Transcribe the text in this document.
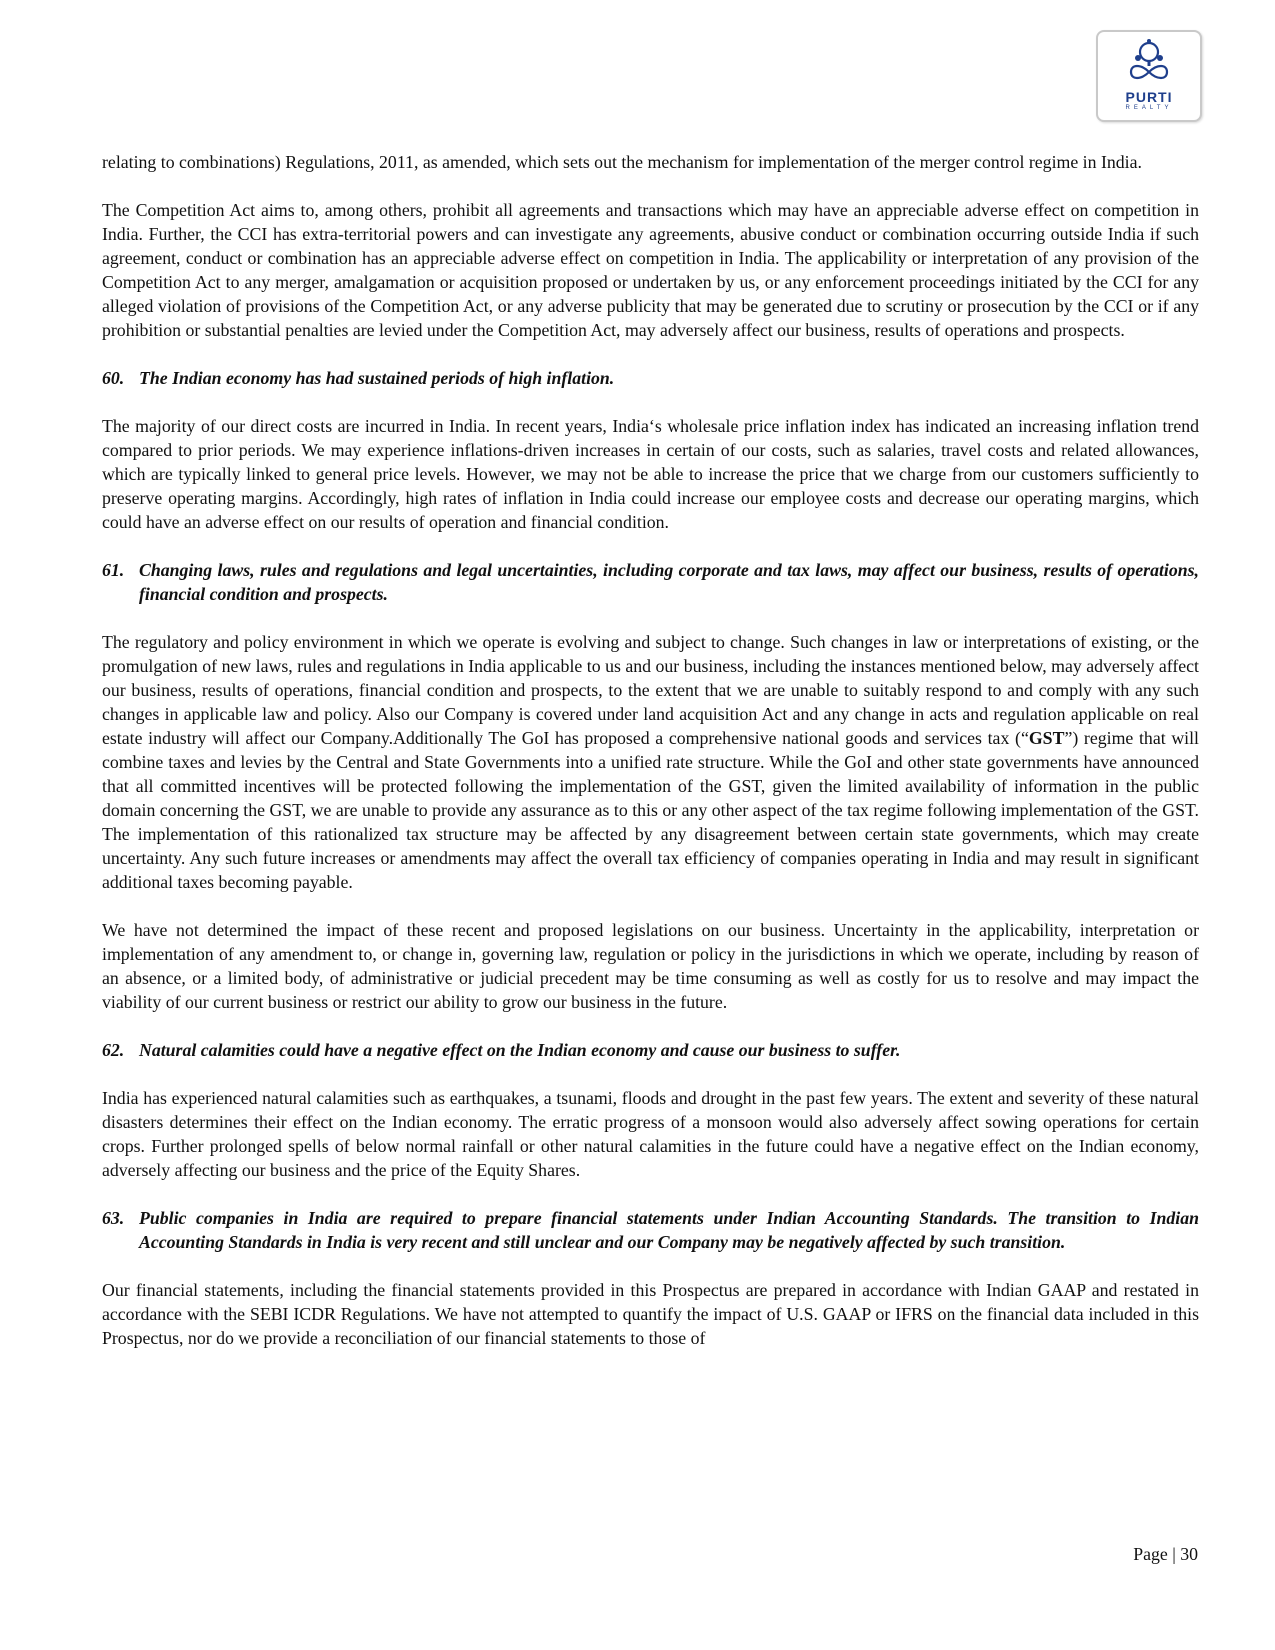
PURTI
REALTY

relating to combinations) Regulations, 2011, as amended, which sets out the mechanism for implementation of the merger control regime in India.

The Competition Act aims to, among others, prohibit all agreements and transactions which may have an appreciable adverse effect on competition in India. Further, the CCI has extra-territorial powers and can investigate any agreements, abusive conduct or combination occurring outside India if such agreement, conduct or combination has an appreciable adverse effect on competition in India. The applicability or interpretation of any provision of the Competition Act to any merger, amalgamation or acquisition proposed or undertaken by us, or any enforcement proceedings initiated by the CCI for any alleged violation of provisions of the Competition Act, or any adverse publicity that may be generated due to scrutiny or prosecution by the CCI or if any prohibition or substantial penalties are levied under the Competition Act, may adversely affect our business, results of operations and prospects.

60. The Indian economy has had sustained periods of high inflation.

The majority of our direct costs are incurred in India. In recent years, India‘s wholesale price inflation index has indicated an increasing inflation trend compared to prior periods. We may experience inflations-driven increases in certain of our costs, such as salaries, travel costs and related allowances, which are typically linked to general price levels. However, we may not be able to increase the price that we charge from our customers sufficiently to preserve operating margins. Accordingly, high rates of inflation in India could increase our employee costs and decrease our operating margins, which could have an adverse effect on our results of operation and financial condition.

61. Changing laws, rules and regulations and legal uncertainties, including corporate and tax laws, may affect our business, results of operations, financial condition and prospects.

The regulatory and policy environment in which we operate is evolving and subject to change. Such changes in law or interpretations of existing, or the promulgation of new laws, rules and regulations in India applicable to us and our business, including the instances mentioned below, may adversely affect our business, results of operations, financial condition and prospects, to the extent that we are unable to suitably respond to and comply with any such changes in applicable law and policy. Also our Company is covered under land acquisition Act and any change in acts and regulation applicable on real estate industry will affect our Company.Additionally The GoI has proposed a comprehensive national goods and services tax (“GST”) regime that will combine taxes and levies by the Central and State Governments into a unified rate structure. While the GoI and other state governments have announced that all committed incentives will be protected following the implementation of the GST, given the limited availability of information in the public domain concerning the GST, we are unable to provide any assurance as to this or any other aspect of the tax regime following implementation of the GST. The implementation of this rationalized tax structure may be affected by any disagreement between certain state governments, which may create uncertainty. Any such future increases or amendments may affect the overall tax efficiency of companies operating in India and may result in significant additional taxes becoming payable.

We have not determined the impact of these recent and proposed legislations on our business. Uncertainty in the applicability, interpretation or implementation of any amendment to, or change in, governing law, regulation or policy in the jurisdictions in which we operate, including by reason of an absence, or a limited body, of administrative or judicial precedent may be time consuming as well as costly for us to resolve and may impact the viability of our current business or restrict our ability to grow our business in the future.

62. Natural calamities could have a negative effect on the Indian economy and cause our business to suffer.

India has experienced natural calamities such as earthquakes, a tsunami, floods and drought in the past few years. The extent and severity of these natural disasters determines their effect on the Indian economy. The erratic progress of a monsoon would also adversely affect sowing operations for certain crops. Further prolonged spells of below normal rainfall or other natural calamities in the future could have a negative effect on the Indian economy, adversely affecting our business and the price of the Equity Shares.

63. Public companies in India are required to prepare financial statements under Indian Accounting Standards. The transition to Indian Accounting Standards in India is very recent and still unclear and our Company may be negatively affected by such transition.

Our financial statements, including the financial statements provided in this Prospectus are prepared in accordance with Indian GAAP and restated in accordance with the SEBI ICDR Regulations. We have not attempted to quantify the impact of U.S. GAAP or IFRS on the financial data included in this Prospectus, nor do we provide a reconciliation of our financial statements to those of

Page | 30
